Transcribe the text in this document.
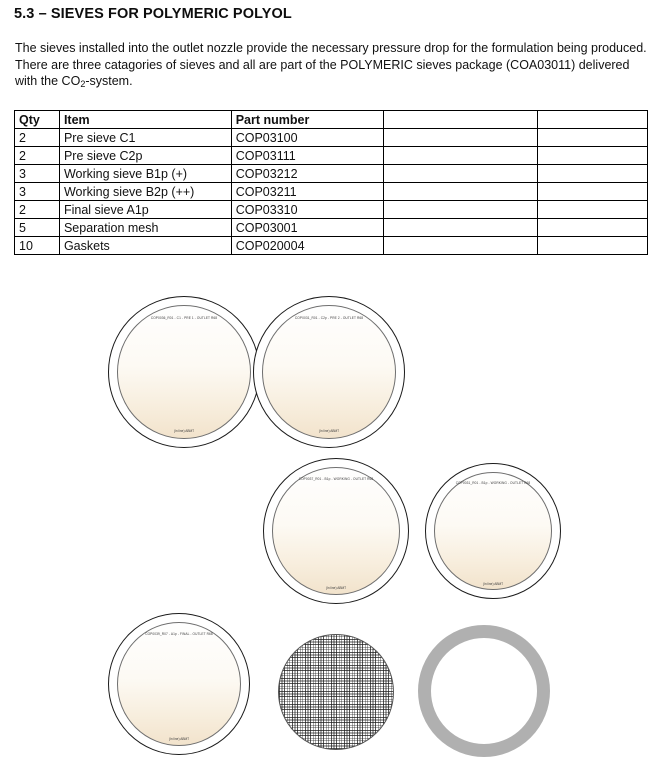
5.3 – SIEVES FOR POLYMERIC POLYOL
The sieves installed into the outlet nozzle provide the necessary pressure drop for the formulation being produced. There are three catagories of sieves and all are part of the POLYMERIC sieves package (COA03011) delivered with the $CO_2$-system.
Qty	Item	Part number		
2	Pre sieve C1	COP03100		
2	Pre sieve C2p	COP03111		
3	Working sieve B1p (+)	COP03212		
3	Working sieve B2p (++)	COP03211		
2	Final sieve A1p	COP03310		
5	Separation mesh	COP03001		
10	Gaskets	COP020004		
COP0036_R01 - C1 - PRE 1 - OUTLET R68
(In line) ABMT
COP0031_R01 - C2p - PRE 2 - OUTLET R68
(In line) ABMT
COP0037_R01 - B1p - WORKING - OUTLET R68
(In line) ABMT
COP0031_R01 - B1p - WORKING - OUTLET R68
(In line) ABMT
COP0039_R07 - A1p - FINAL - OUTLET R68
(In line) ABMT
